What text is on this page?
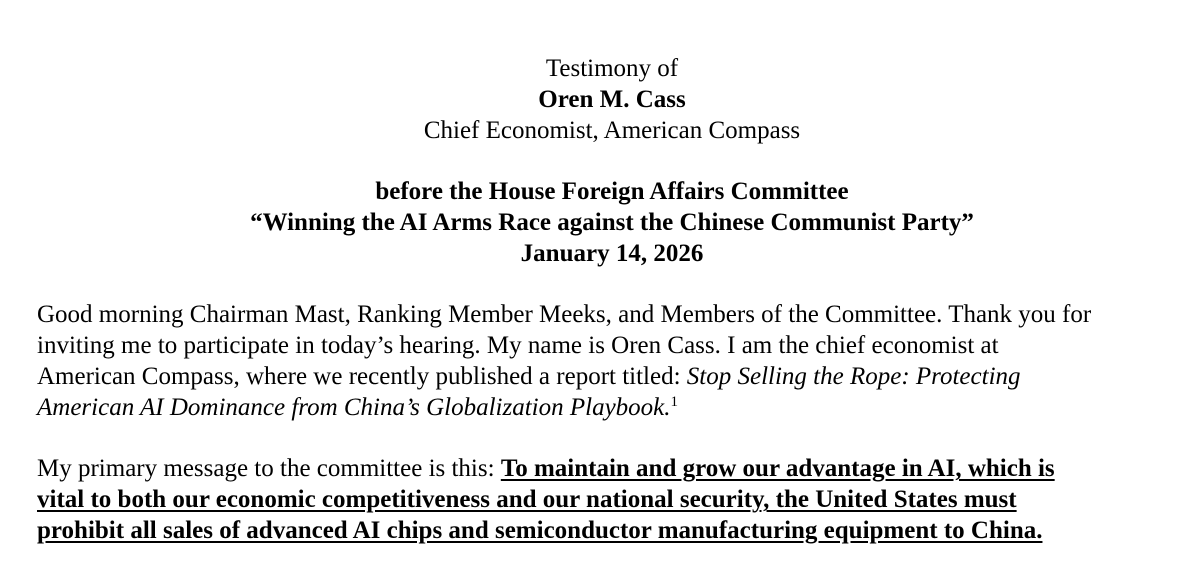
Testimony of
Oren M. Cass
Chief Economist, American Compass
before the House Foreign Affairs Committee
“Winning the AI Arms Race against the Chinese Communist Party”
January 14, 2026
Good morning Chairman Mast, Ranking Member Meeks, and Members of the Committee. Thank you for
inviting me to participate in today’s hearing. My name is Oren Cass. I am the chief economist at
American Compass, where we recently published a report titled: Stop Selling the Rope: Protecting
American AI Dominance from China’s Globalization Playbook.$^1$
My primary message to the committee is this: To maintain and grow our advantage in AI, which is
vital to both our economic competitiveness and our national security, the United States must
prohibit all sales of advanced AI chips and semiconductor manufacturing equipment to China.
